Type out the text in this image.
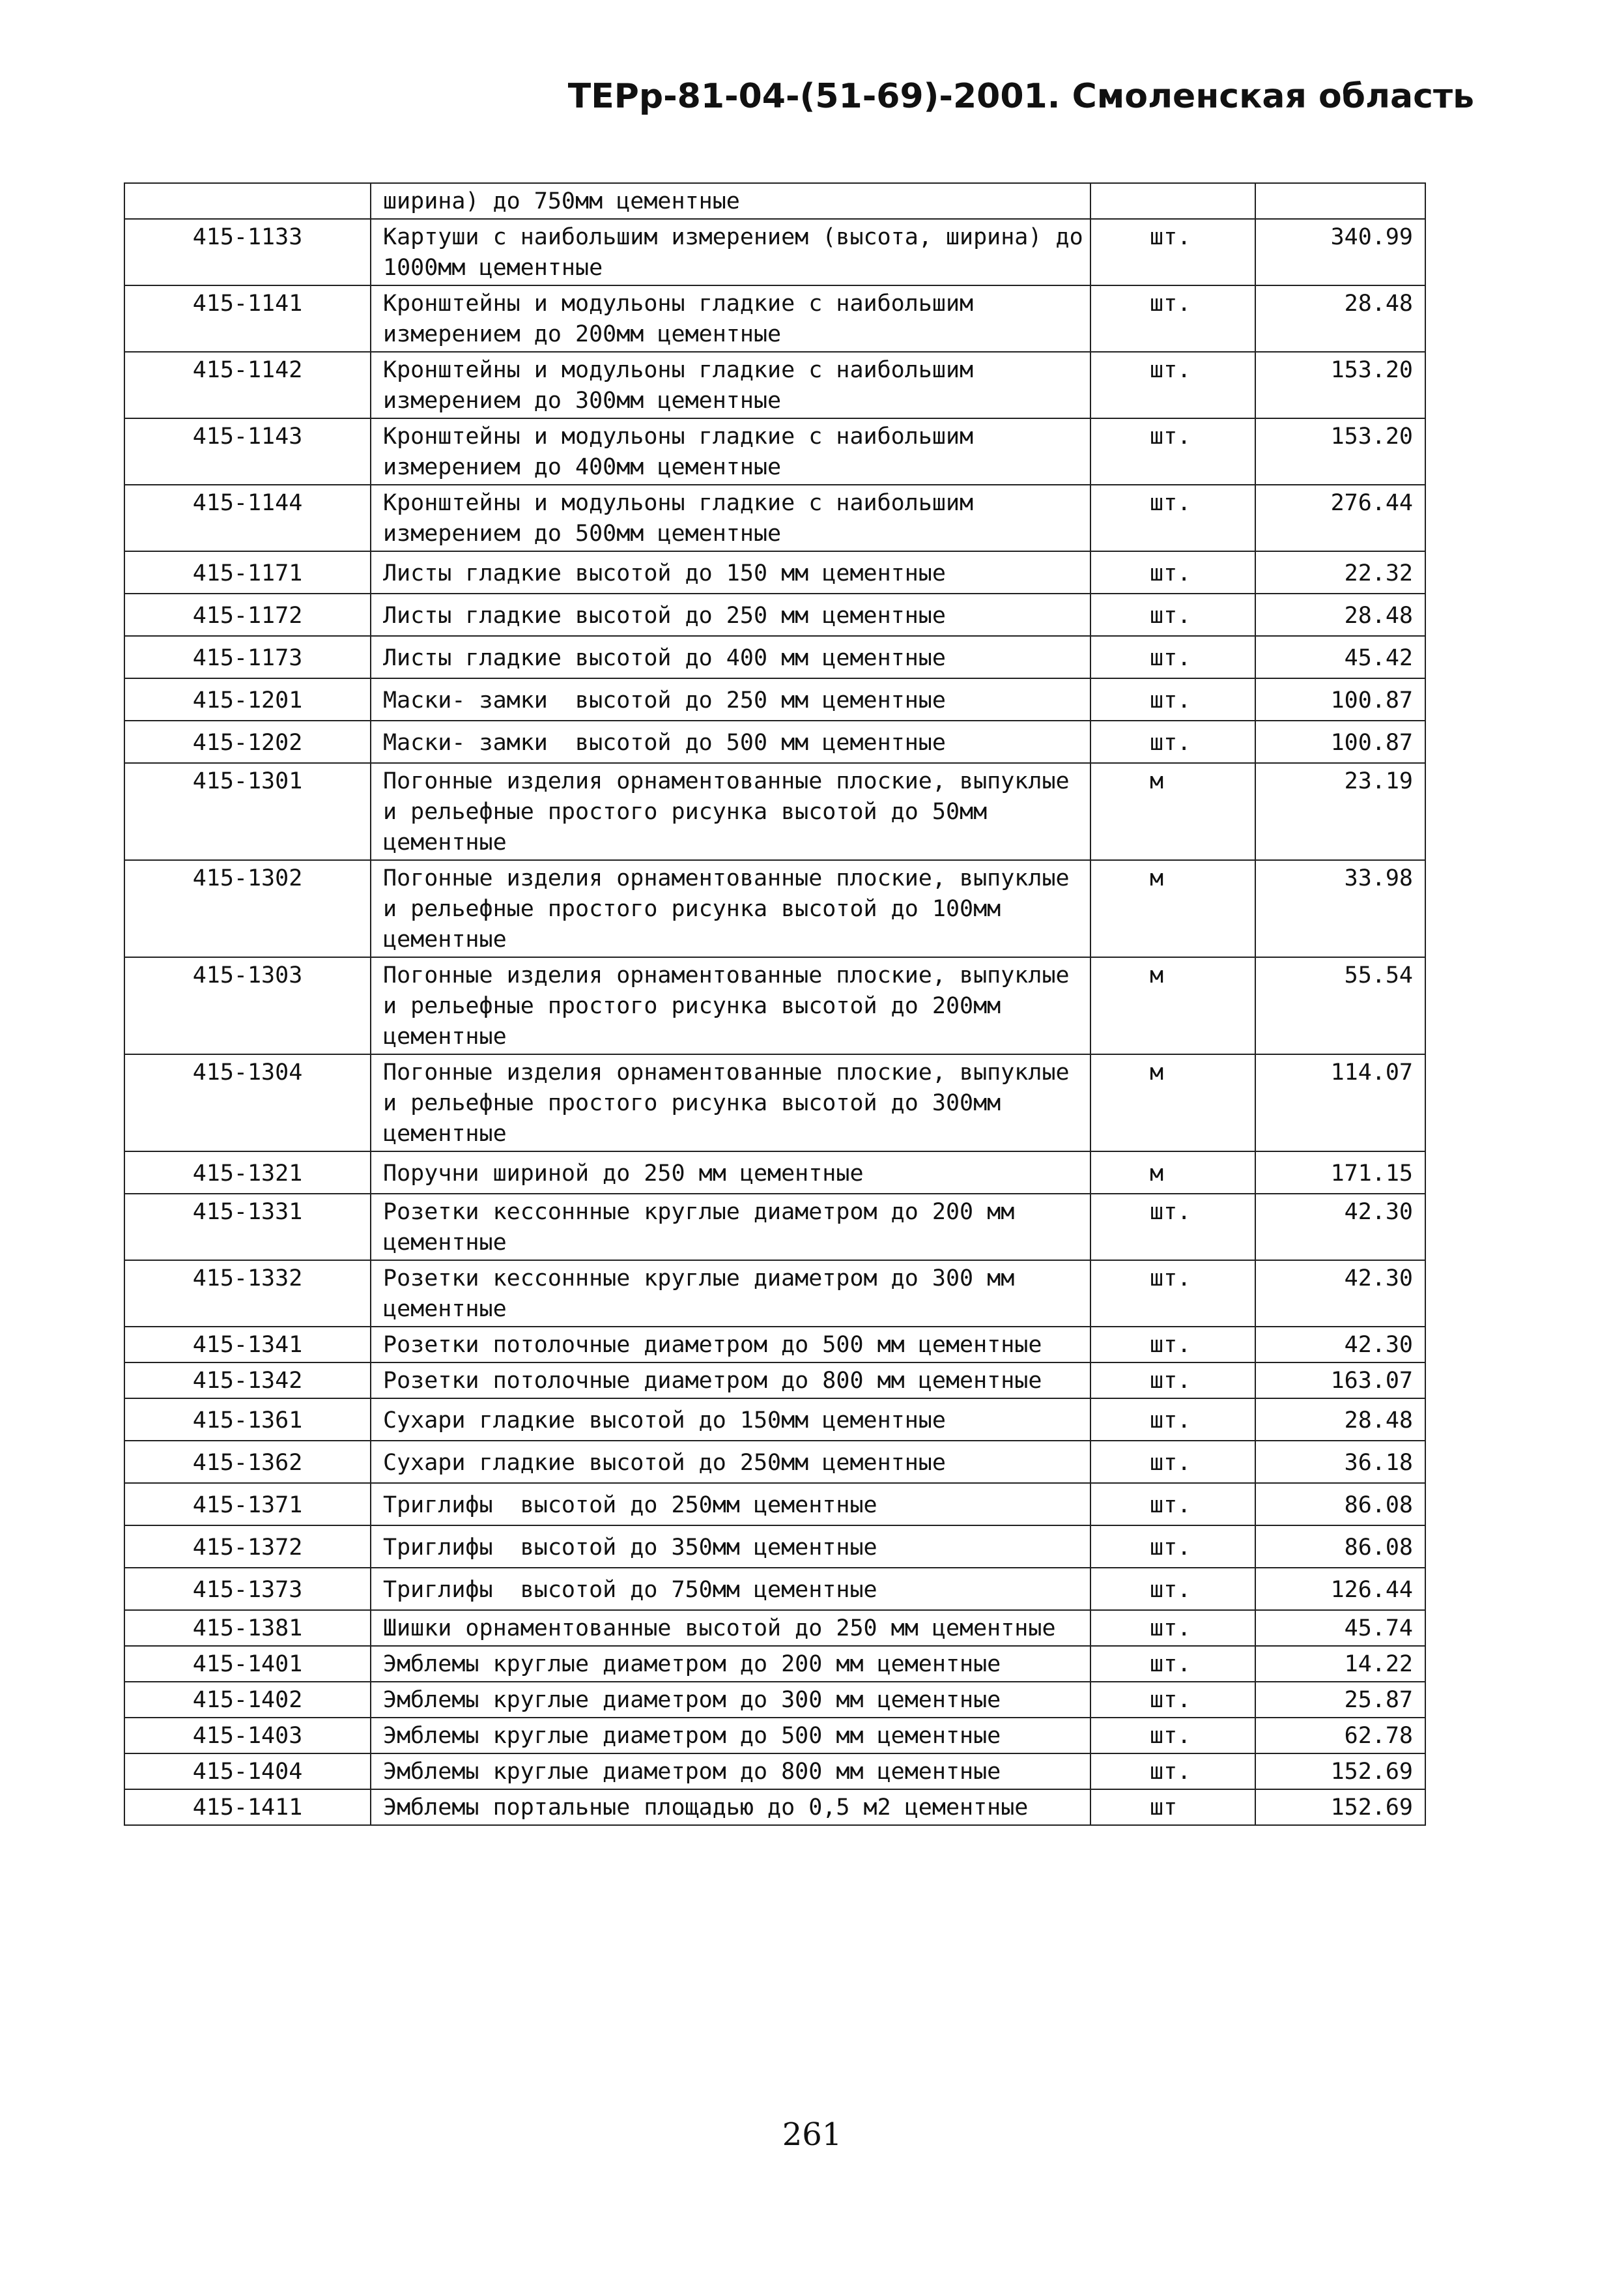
ТЕРр-81-04-(51-69)-2001. Смоленская область
	ширина) до 750мм цементные		
415-1133	Картуши с наибольшим измерением (высота, ширина) до 1000мм цементные	шт.	340.99
415-1141	Кронштейны и модульоны гладкие с наибольшим измерением до 200мм цементные	шт.	28.48
415-1142	Кронштейны и модульоны гладкие с наибольшим измерением до 300мм цементные	шт.	153.20
415-1143	Кронштейны и модульоны гладкие с наибольшим измерением до 400мм цементные	шт.	153.20
415-1144	Кронштейны и модульоны гладкие с наибольшим измерением до 500мм цементные	шт.	276.44
415-1171	Листы гладкие высотой до 150 мм цементные	шт.	22.32
415-1172	Листы гладкие высотой до 250 мм цементные	шт.	28.48
415-1173	Листы гладкие высотой до 400 мм цементные	шт.	45.42
415-1201	Маски- замки  высотой до 250 мм цементные	шт.	100.87
415-1202	Маски- замки  высотой до 500 мм цементные	шт.	100.87
415-1301	Погонные изделия орнаментованные плоские, выпуклые и рельефные простого рисунка высотой до 50мм    цементные	м	23.19
415-1302	Погонные изделия орнаментованные плоские, выпуклые и рельефные простого рисунка высотой до 100мм  цементные	м	33.98
415-1303	Погонные изделия орнаментованные плоские, выпуклые и рельефные простого рисунка высотой до 200мм  цементные	м	55.54
415-1304	Погонные изделия орнаментованные плоские, выпуклые и рельефные простого рисунка высотой до 300мм    цементные	м	114.07
415-1321	Поручни шириной до 250 мм цементные	м	171.15
415-1331	Розетки кессоннные круглые диаметром до 200 мм цементные	шт.	42.30
415-1332	Розетки кессоннные круглые диаметром до 300 мм цементные	шт.	42.30
415-1341	Розетки потолочные диаметром до 500 мм цементные	шт.	42.30
415-1342	Розетки потолочные диаметром до 800 мм цементные	шт.	163.07
415-1361	Сухари гладкие высотой до 150мм цементные	шт.	28.48
415-1362	Сухари гладкие высотой до 250мм цементные	шт.	36.18
415-1371	Триглифы  высотой до 250мм цементные	шт.	86.08
415-1372	Триглифы  высотой до 350мм цементные	шт.	86.08
415-1373	Триглифы  высотой до 750мм цементные	шт.	126.44
415-1381	Шишки орнаментованные высотой до 250 мм цементные	шт.	45.74
415-1401	Эмблемы круглые диаметром до 200 мм цементные	шт.	14.22
415-1402	Эмблемы круглые диаметром до 300 мм цементные	шт.	25.87
415-1403	Эмблемы круглые диаметром до 500 мм цементные	шт.	62.78
415-1404	Эмблемы круглые диаметром до 800 мм цементные	шт.	152.69
415-1411	Эмблемы портальные площадью до 0,5 м2 цементные	шт	152.69
261
